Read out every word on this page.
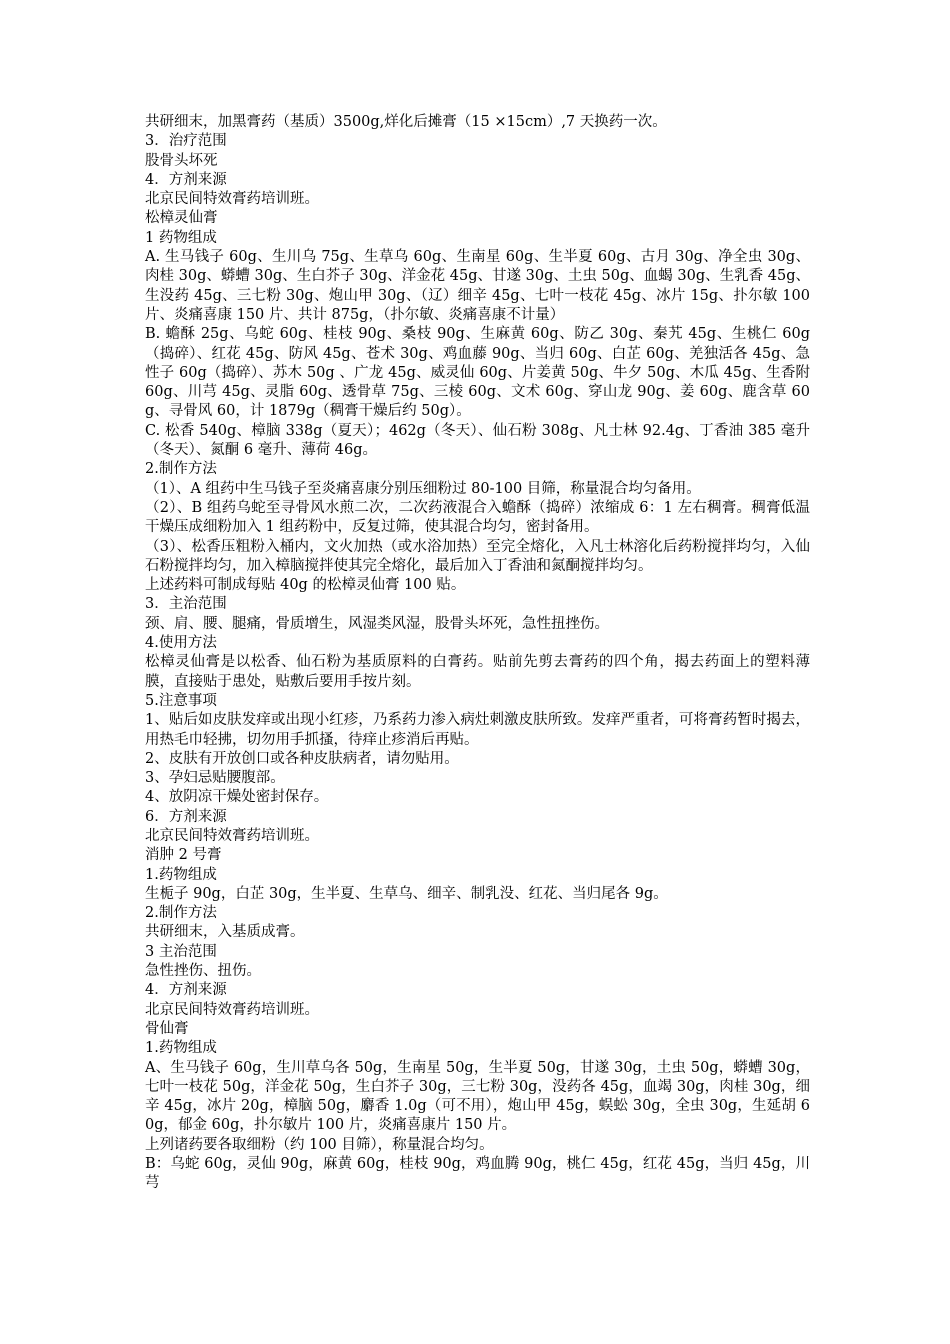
共研细末，加黑膏药（基质）3500g,烊化后摊膏（15 ×15cm）,7 天换药一次。
3．治疗范围
股骨头坏死
4．方剂来源
北京民间特效膏药培训班。
松樟灵仙膏
1 药物组成
A. 生马钱子 60g、生川乌 75g、生草乌 60g、生南星 60g、生半夏 60g、古月 30g、净全虫 30g、肉桂 30g、蟒螬 30g、生白芥子 30g、洋金花 45g、甘遂 30g、土虫 50g、血蝎 30g、生乳香 45g、生没药 45g、三七粉 30g、炮山甲 30g、（辽）细辛 45g、七叶一枝花 45g、冰片 15g、扑尔敏 100 片、炎痛喜康 150 片、共计 875g，（扑尔敏、炎痛喜康不计量）
B. 蟾酥 25g、乌蛇 60g、桂枝 90g、桑枝 90g、生麻黄 60g、防乙 30g、秦艽 45g、生桃仁 60g（捣碎）、红花 45g、防风 45g、苍术 30g、鸡血藤 90g、当归 60g、白芷 60g、羌独活各 45g、急性子 60g（捣碎）、苏木 50g 、广龙 45g、威灵仙 60g、片姜黄 50g、牛夕 50g、木瓜 45g、生香附 60g、川芎 45g、灵脂 60g、透骨草 75g、三棱 60g、文术 60g、穿山龙 90g、姜 60g、鹿含草 60g、寻骨风 60，计 1879g（稠膏干燥后约 50g）。
C. 松香 540g、樟脑 338g（夏天）；462g（冬天）、仙石粉 308g、凡士林 92.4g、丁香油 385 毫升（冬天）、氮酮 6 毫升、薄荷 46g。
2.制作方法
（1）、A 组药中生马钱子至炎痛喜康分别压细粉过 80-100 目筛，称量混合均匀备用。
（2）、B 组药乌蛇至寻骨风水煎二次，二次药液混合入蟾酥（捣碎）浓缩成 6：1 左右稠膏。稠膏低温干燥压成细粉加入 1 组药粉中，反复过筛，使其混合均匀，密封备用。
（3）、松香压粗粉入桶内，文火加热（或水浴加热）至完全熔化，入凡士林溶化后药粉搅拌均匀，入仙石粉搅拌均匀，加入樟脑搅拌使其完全熔化，最后加入丁香油和氮酮搅拌均匀。
上述药料可制成每贴 40g 的松樟灵仙膏 100 贴。
3．主治范围
颈、肩、腰、腿痛，骨质增生，风湿类风湿，股骨头坏死，急性扭挫伤。
4.使用方法
松樟灵仙膏是以松香、仙石粉为基质原料的白膏药。贴前先剪去膏药的四个角，揭去药面上的塑料薄膜，直接贴于患处，贴敷后要用手按片刻。
5.注意事项
1、贴后如皮肤发痒或出现小红疹，乃系药力渗入病灶刺激皮肤所致。发痒严重者，可将膏药暂时揭去，用热毛巾轻拂，切勿用手抓搔，待痒止疹消后再贴。
2、皮肤有开放创口或各种皮肤病者，请勿贴用。
3、孕妇忌贴腰腹部。
4、放阴凉干燥处密封保存。
6．方剂来源
北京民间特效膏药培训班。
消肿 2 号膏
1.药物组成
生栀子 90g，白芷 30g，生半夏、生草乌、细辛、制乳没、红花、当归尾各 9g。
2.制作方法
共研细末，入基质成膏。
3 主治范围
急性挫伤、扭伤。
4．方剂来源
北京民间特效膏药培训班。
骨仙膏
1.药物组成
A、生马钱子 60g，生川草乌各 50g，生南星 50g，生半夏 50g，甘遂 30g，土虫 50g，蟒螬 30g，七叶一枝花 50g，洋金花 50g，生白芥子 30g，三七粉 30g，没药各 45g，血竭 30g，肉桂 30g，细辛 45g，冰片 20g，樟脑 50g，麝香 1.0g（可不用），炮山甲 45g，蜈蚣 30g，全虫 30g，生延胡 60g，郁金 60g，扑尔敏片 100 片，炎痛喜康片 150 片。
上列诸药要各取细粉（约 100 目筛），称量混合均匀。
B：乌蛇 60g，灵仙 90g，麻黄 60g，桂枝 90g，鸡血腾 90g，桃仁 45g，红花 45g，当归 45g，川芎
